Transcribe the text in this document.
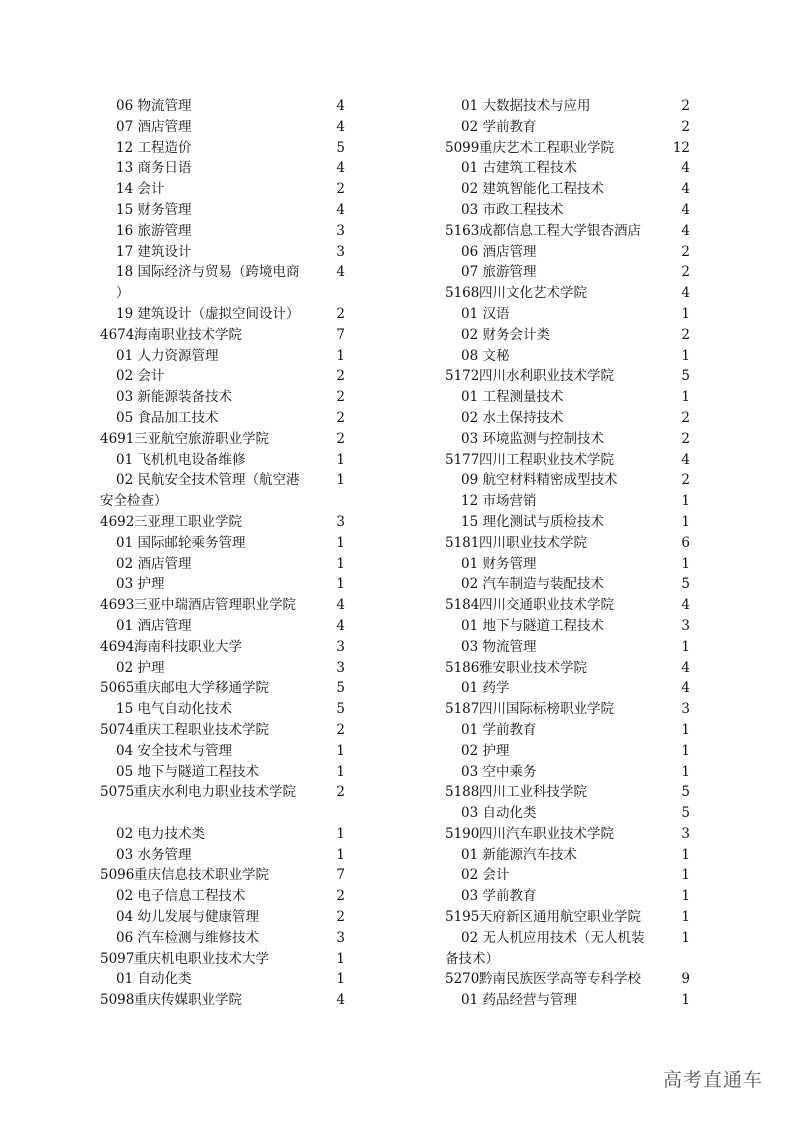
06 物流管理	4
07 酒店管理	4
12 工程造价	5
13 商务日语	4
14 会计	2
15 财务管理	4
16 旅游管理	3
17 建筑设计	3
18 国际经济与贸易（跨境电商	4
）
19 建筑设计（虚拟空间设计）	2
4674 海南职业技术学院	7
01 人力资源管理	1
02 会计	2
03 新能源装备技术	2
05 食品加工技术	2
4691 三亚航空旅游职业学院	2
01 飞机机电设备维修	1
02 民航安全技术管理（航空港	1
安全检查）
4692 三亚理工职业学院	3
01 国际邮轮乘务管理	1
02 酒店管理	1
03 护理	1
4693 三亚中瑞酒店管理职业学院	4
01 酒店管理	4
4694 海南科技职业大学	3
02 护理	3
5065 重庆邮电大学移通学院	5
15 电气自动化技术	5
5074 重庆工程职业技术学院	2
04 安全技术与管理	1
05 地下与隧道工程技术	1
5075 重庆水利电力职业技术学院	2
02 电力技术类	1
03 水务管理	1
5096 重庆信息技术职业学院	7
02 电子信息工程技术	2
04 幼儿发展与健康管理	2
06 汽车检测与维修技术	3
5097 重庆机电职业技术大学	1
01 自动化类	1
5098 重庆传媒职业学院	4
01 大数据技术与应用	2
02 学前教育	2
5099 重庆艺术工程职业学院	12
01 古建筑工程技术	4
02 建筑智能化工程技术	4
03 市政工程技术	4
5163 成都信息工程大学银杏酒店	4
06 酒店管理	2
07 旅游管理	2
5168 四川文化艺术学院	4
01 汉语	1
02 财务会计类	2
08 文秘	1
5172 四川水利职业技术学院	5
01 工程测量技术	1
02 水土保持技术	2
03 环境监测与控制技术	2
5177 四川工程职业技术学院	4
09 航空材料精密成型技术	2
12 市场营销	1
15 理化测试与质检技术	1
5181 四川职业技术学院	6
01 财务管理	1
02 汽车制造与装配技术	5
5184 四川交通职业技术学院	4
01 地下与隧道工程技术	3
03 物流管理	1
5186 雅安职业技术学院	4
01 药学	4
5187 四川国际标榜职业学院	3
01 学前教育	1
02 护理	1
03 空中乘务	1
5188 四川工业科技学院	5
03 自动化类	5
5190 四川汽车职业技术学院	3
01 新能源汽车技术	1
02 会计	1
03 学前教育	1
5195 天府新区通用航空职业学院	1
02 无人机应用技术（无人机装	1
备技术）
5270 黔南民族医学高等专科学校	9
01 药品经营与管理	1
高考直通车
